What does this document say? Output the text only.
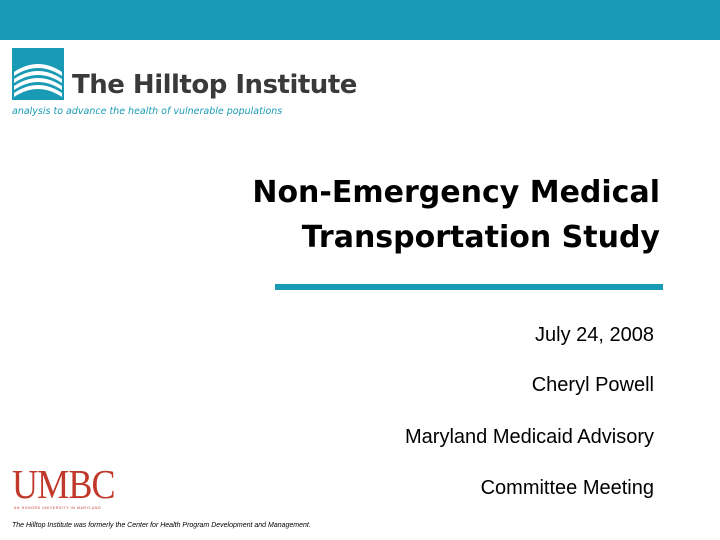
The Hilltop Institute
analysis to advance the health of vulnerable populations
Non-Emergency Medical
Transportation Study
July 24, 2008
Cheryl Powell
Maryland Medicaid Advisory
Committee Meeting
UMBC
AN HONORS UNIVERSITY IN MARYLAND
The Hilltop Institute was formerly the Center for Health Program Development and Management.
